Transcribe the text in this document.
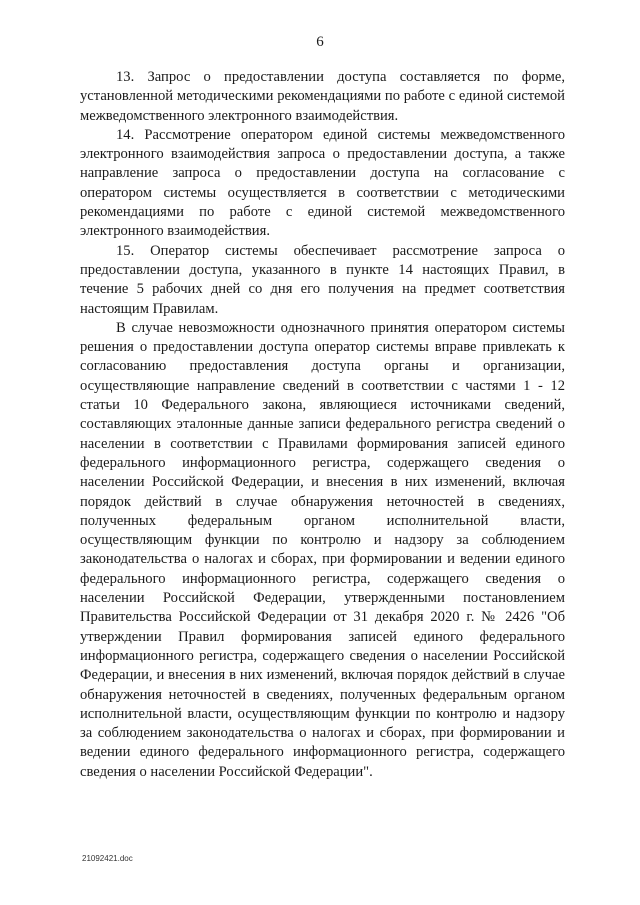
6

13. Запрос о предоставлении доступа составляется по форме, установленной методическими рекомендациями по работе с единой системой межведомственного электронного взаимодействия.

14. Рассмотрение оператором единой системы межведомственного электронного взаимодействия запроса о предоставлении доступа, а также направление запроса о предоставлении доступа на согласование с оператором системы осуществляется в соответствии с методическими рекомендациями по работе с единой системой межведомственного электронного взаимодействия.

15. Оператор системы обеспечивает рассмотрение запроса о предоставлении доступа, указанного в пункте 14 настоящих Правил, в течение 5 рабочих дней со дня его получения на предмет соответствия настоящим Правилам.

В случае невозможности однозначного принятия оператором системы решения о предоставлении доступа оператор системы вправе привлекать к согласованию предоставления доступа органы и организации, осуществляющие направление сведений в соответствии с частями 1 - 12 статьи 10 Федерального закона, являющиеся источниками сведений, составляющих эталонные данные записи федерального регистра сведений о населении в соответствии с Правилами формирования записей единого федерального информационного регистра, содержащего сведения о населении Российской Федерации, и внесения в них изменений, включая порядок действий в случае обнаружения неточностей в сведениях, полученных федеральным органом исполнительной власти, осуществляющим функции по контролю и надзору за соблюдением законодательства о налогах и сборах, при формировании и ведении единого федерального информационного регистра, содержащего сведения о населении Российской Федерации, утвержденными постановлением Правительства Российской Федерации от 31 декабря 2020 г. № 2426 "Об утверждении Правил формирования записей единого федерального информационного регистра, содержащего сведения о населении Российской Федерации, и внесения в них изменений, включая порядок действий в случае обнаружения неточностей в сведениях, полученных федеральным органом исполнительной власти, осуществляющим функции по контролю и надзору за соблюдением законодательства о налогах и сборах, при формировании и ведении единого федерального информационного регистра, содержащего сведения о населении Российской Федерации".

21092421.doc
